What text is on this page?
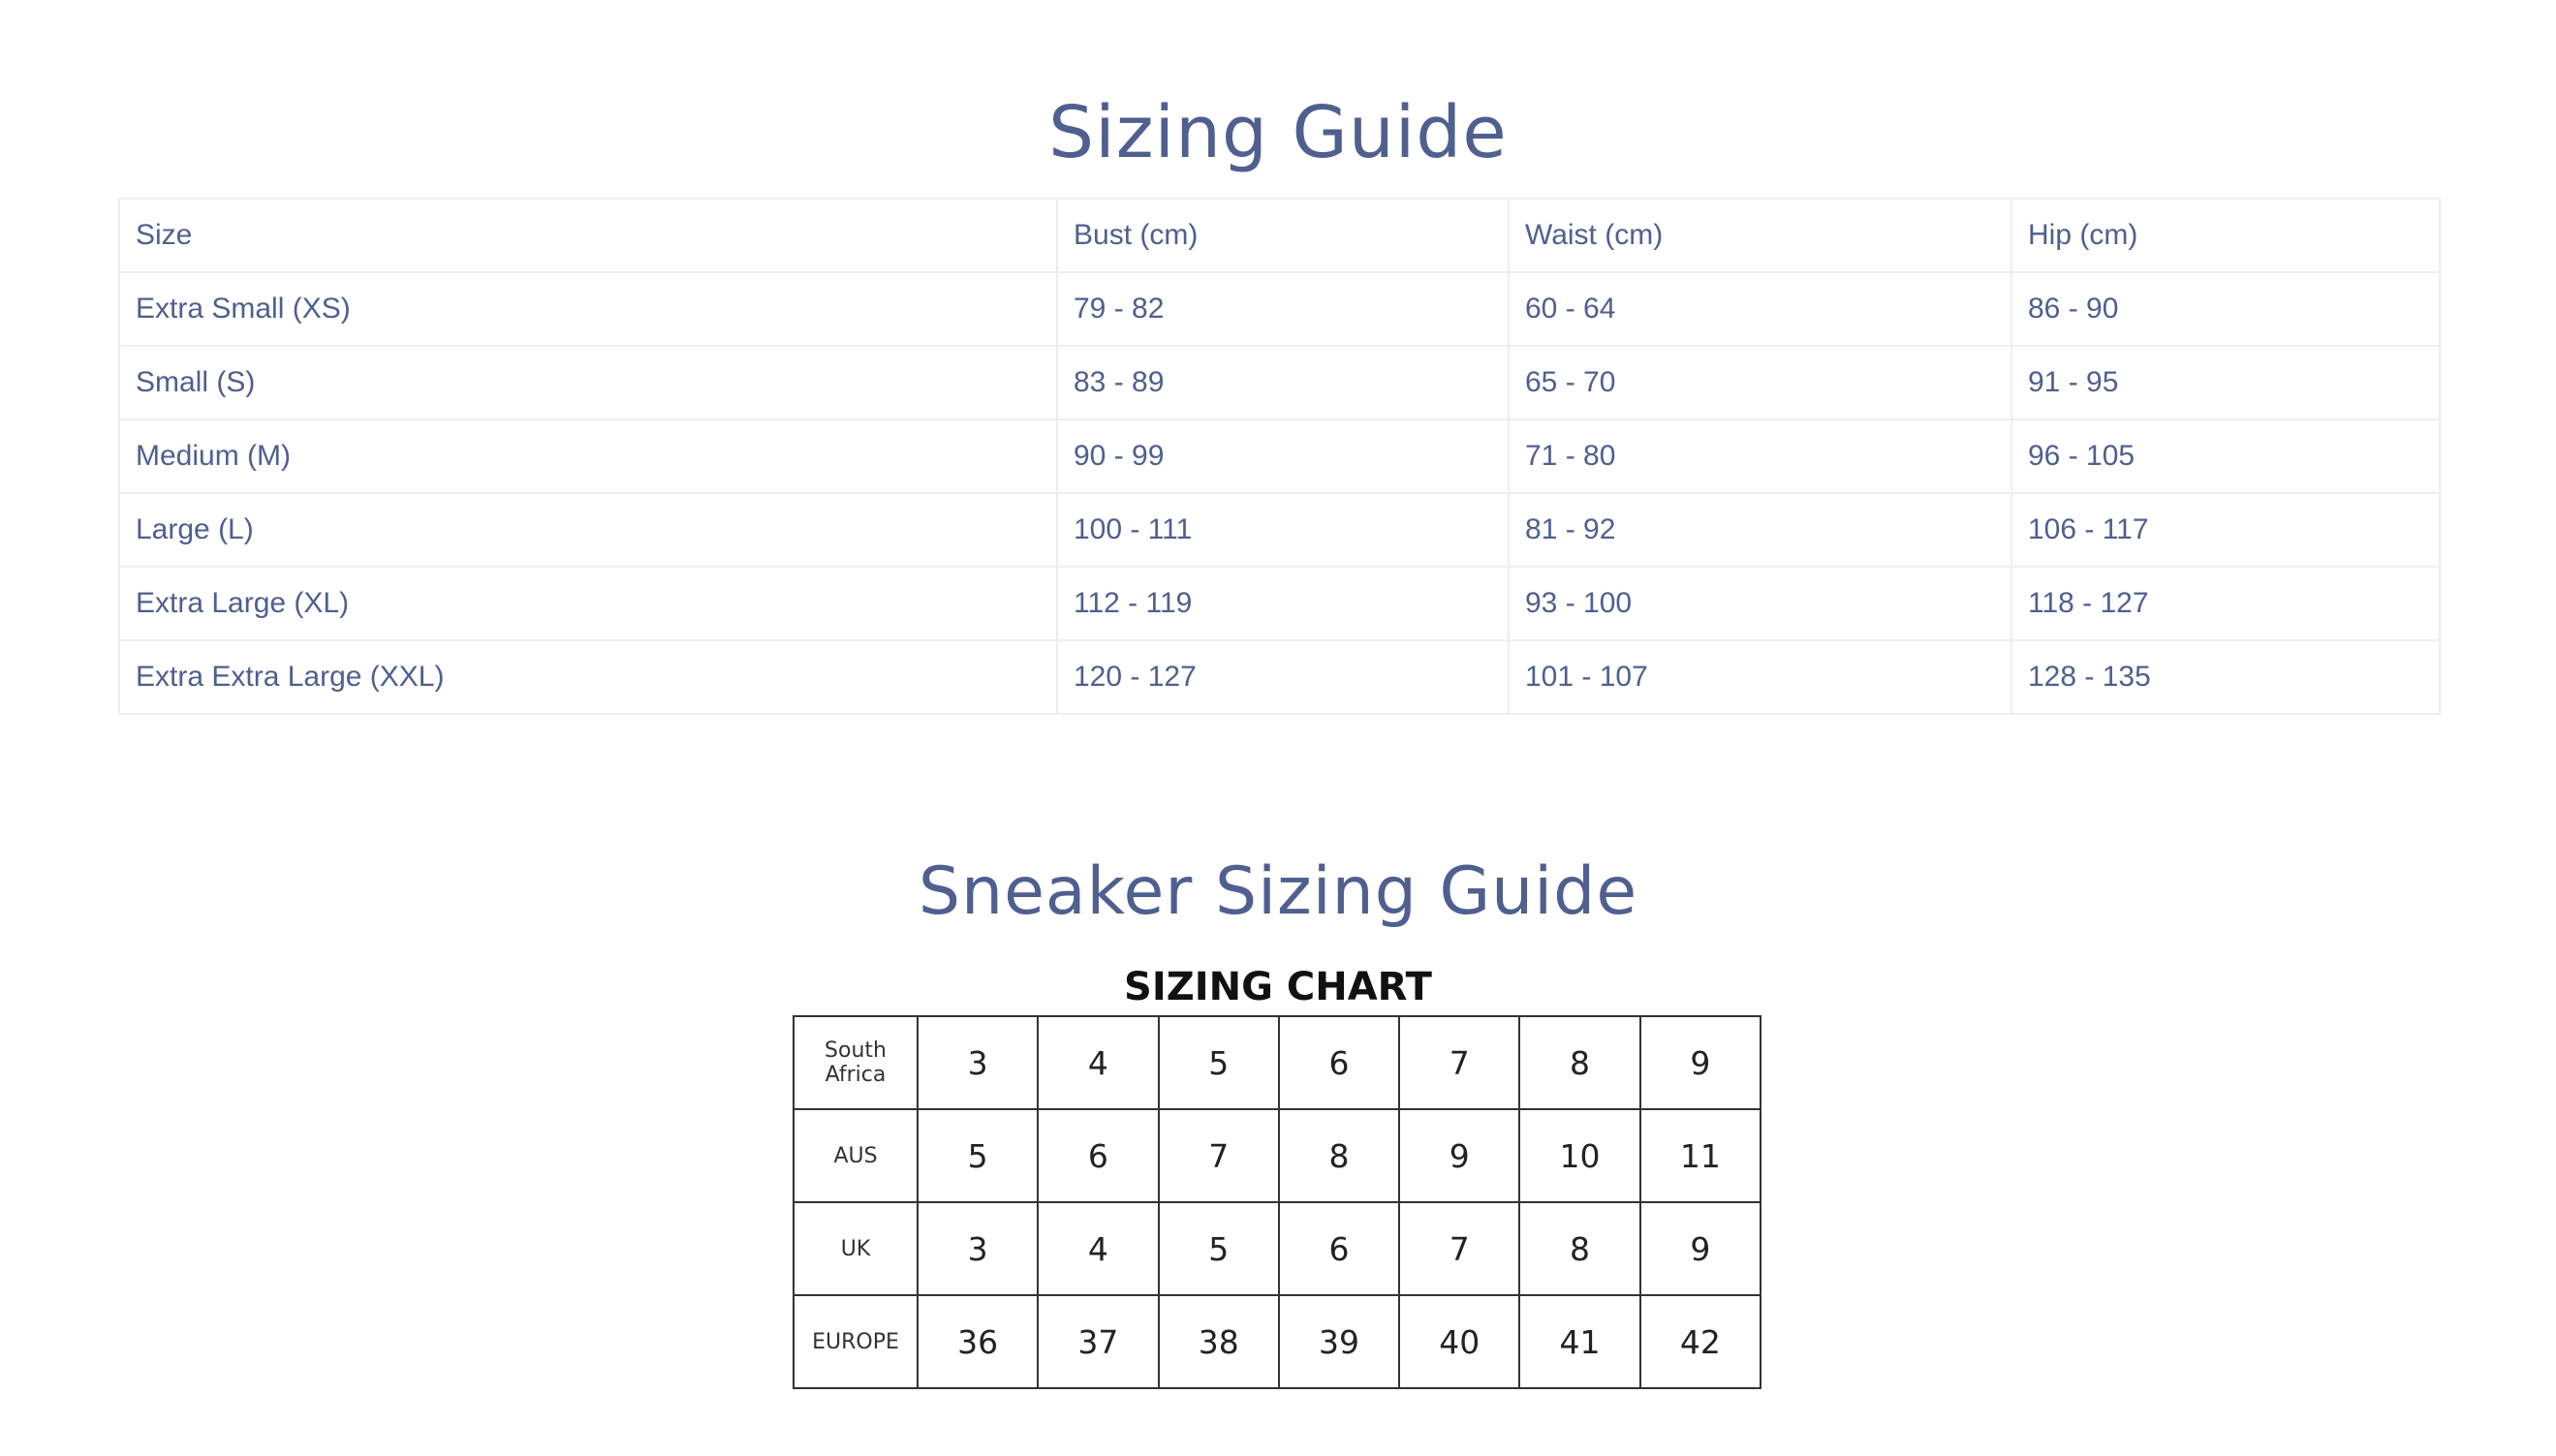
Sizing Guide
Size	Bust (cm)	Waist (cm)	Hip (cm)
Extra Small (XS)	79 - 82	60 - 64	86 - 90
Small (S)	83 - 89	65 - 70	91 - 95
Medium (M)	90 - 99	71 - 80	96 - 105
Large (L)	100 - 111	81 - 92	106 - 117
Extra Large (XL)	112 - 119	93 - 100	118 - 127
Extra Extra Large (XXL)	120 - 127	101 - 107	128 - 135
Sneaker Sizing Guide
SIZING CHART
South Africa	3	4	5	6	7	8	9
AUS	5	6	7	8	9	10	11
UK	3	4	5	6	7	8	9
EUROPE	36	37	38	39	40	41	42
